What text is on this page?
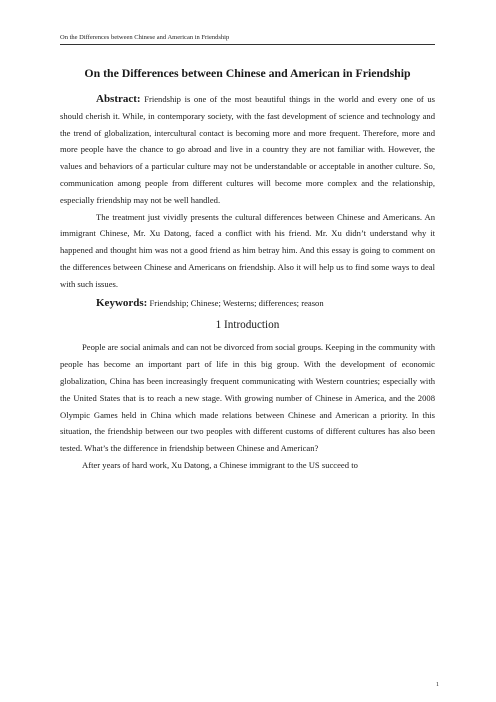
On the Differences between Chinese and American in Friendship
On the Differences between Chinese and American in Friendship

Abstract: Friendship is one of the most beautiful things in the world and every one of us should cherish it. While, in contemporary society, with the fast development of science and technology and the trend of globalization, intercultural contact is becoming more and more frequent. Therefore, more and more people have the chance to go abroad and live in a country they are not familiar with. However, the values and behaviors of a particular culture may not be understandable or acceptable in another culture. So, communication among people from different cultures will become more complex and the relationship, especially friendship may not be well handled.

The treatment just vividly presents the cultural differences between Chinese and Americans. An immigrant Chinese, Mr. Xu Datong, faced a conflict with his friend. Mr. Xu didn’t understand why it happened and thought him was not a good friend as him betray him. And this essay is going to comment on the differences between Chinese and Americans on friendship. Also it will help us to find some ways to deal with such issues.

Keywords: Friendship; Chinese; Westerns; differences; reason

1 Introduction

People are social animals and can not be divorced from social groups. Keeping in the community with people has become an important part of life in this big group. With the development of economic globalization, China has been increasingly frequent communicating with Western countries; especially with the United States that is to reach a new stage. With growing number of Chinese in America, and the 2008 Olympic Games held in China which made relations between Chinese and American a priority. In this situation, the friendship between our two peoples with different customs of different cultures has also been tested. What’s the difference in friendship between Chinese and American?

After years of hard work, Xu Datong, a Chinese immigrant to the US succeed to

1
